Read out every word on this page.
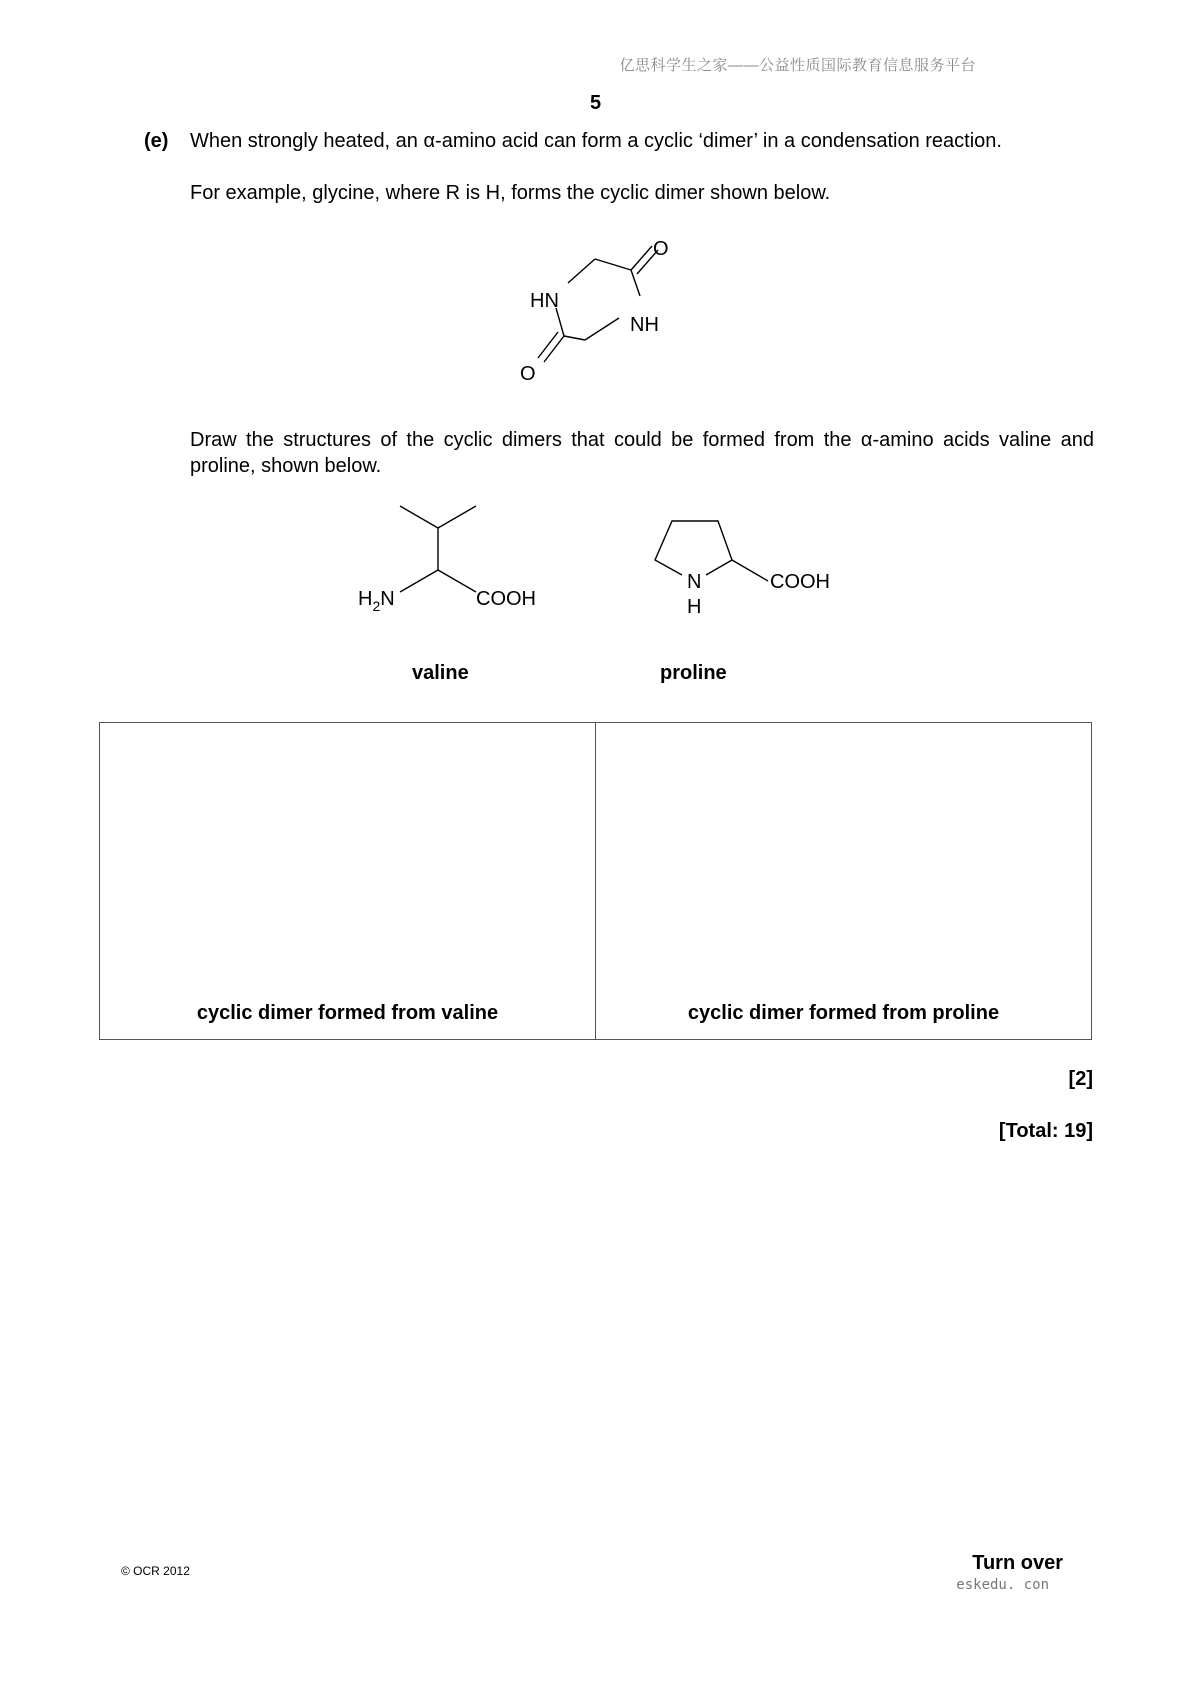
亿思科学生之家——公益性质国际教育信息服务平台
5
(e) When strongly heated, an α-amino acid can form a cyclic ‘dimer’ in a condensation reaction.
For example, glycine, where R is H, forms the cyclic dimer shown below.
O
HN
NH
O
Draw the structures of the cyclic dimers that could be formed from the α-amino acids valine and proline, shown below.
$H_2N$	COOH
valine
N
H
COOH
proline
cyclic dimer formed from valine	cyclic dimer formed from proline
[2]
[Total: 19]
© OCR 2012	Turn over
eskedu. con
